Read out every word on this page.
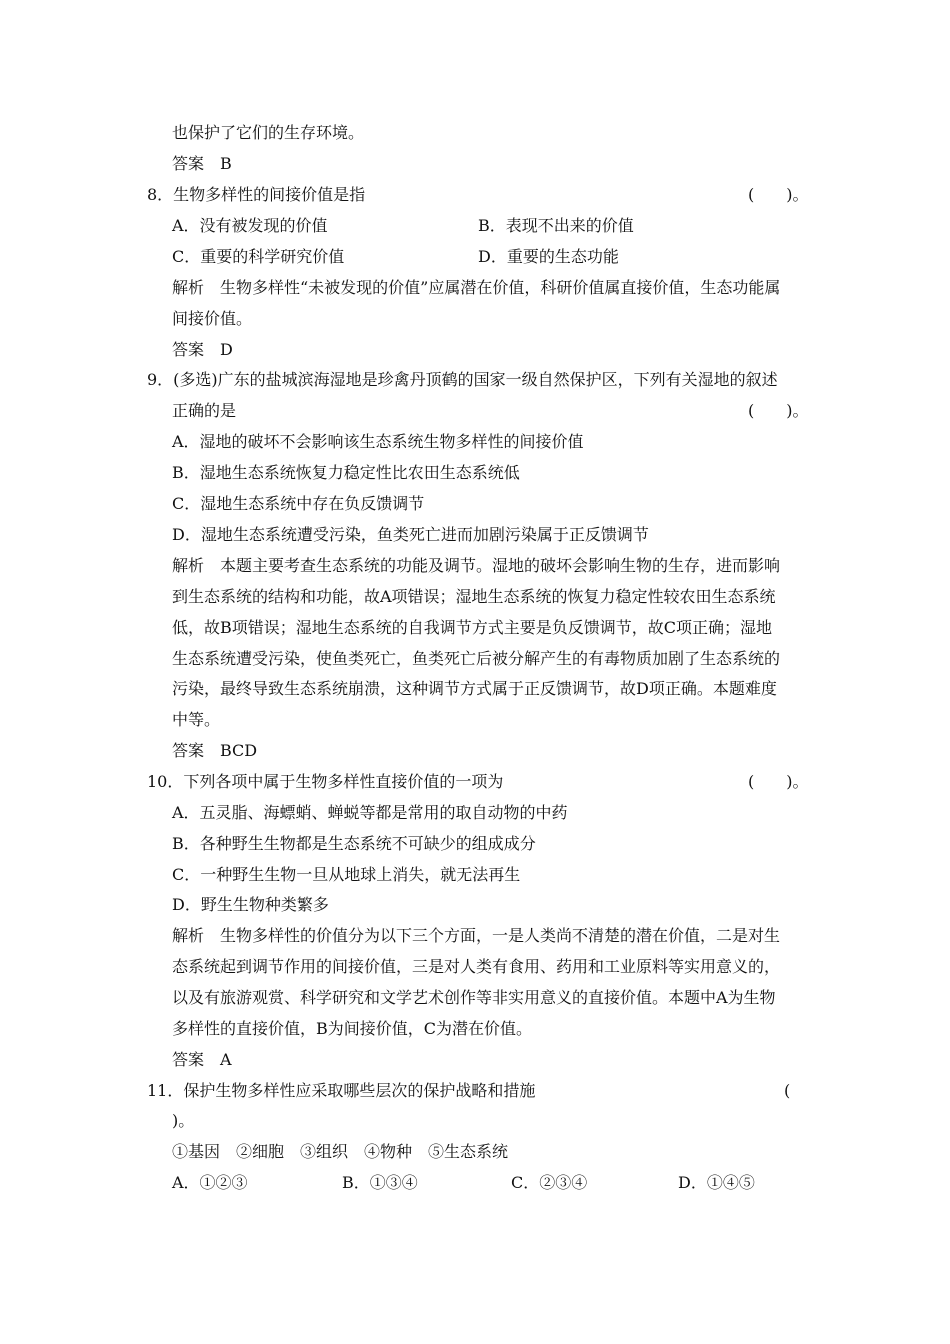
也保护了它们的生存环境。
答案　B
8．生物多样性的间接价值是指	(　　)。
A．没有被发现的价值	B．表现不出来的价值
C．重要的科学研究价值	D．重要的生态功能
解析　生物多样性“未被发现的价值”应属潜在价值，科研价值属直接价值，生态功能属
间接价值。
答案　D
9．(多选)广东的盐城滨海湿地是珍禽丹顶鹤的国家一级自然保护区，下列有关湿地的叙述
正确的是	(　　)。
A．湿地的破坏不会影响该生态系统生物多样性的间接价值
B．湿地生态系统恢复力稳定性比农田生态系统低
C．湿地生态系统中存在负反馈调节
D．湿地生态系统遭受污染，鱼类死亡进而加剧污染属于正反馈调节
解析　本题主要考查生态系统的功能及调节。湿地的破坏会影响生物的生存，进而影响
到生态系统的结构和功能，故A项错误；湿地生态系统的恢复力稳定性较农田生态系统
低，故B项错误；湿地生态系统的自我调节方式主要是负反馈调节，故C项正确；湿地
生态系统遭受污染，使鱼类死亡，鱼类死亡后被分解产生的有毒物质加剧了生态系统的
污染，最终导致生态系统崩溃，这种调节方式属于正反馈调节，故D项正确。本题难度
中等。
答案　BCD
10．下列各项中属于生物多样性直接价值的一项为	(　　)。
A．五灵脂、海螵蛸、蝉蜕等都是常用的取自动物的中药
B．各种野生生物都是生态系统不可缺少的组成成分
C．一种野生生物一旦从地球上消失，就无法再生
D．野生生物种类繁多
解析　生物多样性的价值分为以下三个方面，一是人类尚不清楚的潜在价值，二是对生
态系统起到调节作用的间接价值，三是对人类有食用、药用和工业原料等实用意义的，
以及有旅游观赏、科学研究和文学艺术创作等非实用意义的直接价值。本题中A为生物
多样性的直接价值，B为间接价值，C为潜在价值。
答案　A
11．保护生物多样性应采取哪些层次的保护战略和措施	(
)。
①基因　②细胞　③组织　④物种　⑤生态系统
A．①②③	B．①③④	C．②③④	D．①④⑤
